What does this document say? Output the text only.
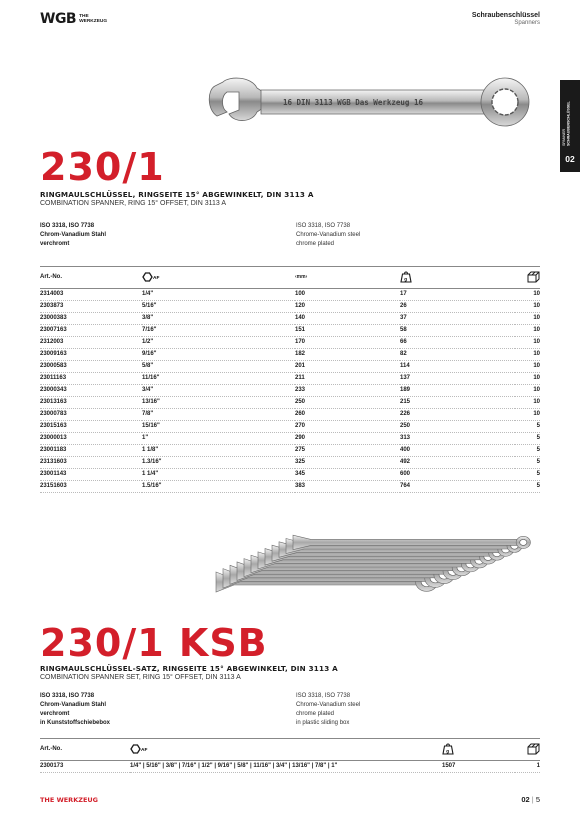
WGB THE
WERKZEUG
Schraubenschlüssel
Spanners
SPANNER
SCHRAUBENSCHLÜSSEL
02
16 DIN 3113 WGB Das Werkzeug 16
230/1
RINGMAULSCHLÜSSEL, RINGSEITE 15° ABGEWINKELT, DIN 3113 A
COMBINATION SPANNER, RING 15° OFFSET, DIN 3113 A
ISO 3318, ISO 7738
Chrom-Vanadium Stahl
verchromt
ISO 3318, ISO 7738
Chrome-Vanadium steel
chrome plated
Art.-No.	AF	‹mm›	g

2314003	1/4"	100	17	10
2303873	5/16"	120	26	10
23000383	3/8"	140	37	10
23007163	7/16"	151	58	10
2312003	1/2"	170	66	10
23009163	9/16"	182	82	10
23000583	5/8"	201	114	10
23011163	11/16"	211	137	10
23000343	3/4"	233	189	10
23013163	13/16"	250	215	10
23000783	7/8"	260	226	10
23015163	15/16"	270	250	5
23000013	1"	290	313	5
23001183	1 1/8"	275	400	5
23131603	1.3/16"	325	492	5
23001143	1 1/4"	345	600	5
23151603	1.5/16"	383	764	5
230/1 KSB
RINGMAULSCHLÜSSEL-SATZ, RINGSEITE 15° ABGEWINKELT, DIN 3113 A
COMBINATION SPANNER SET, RING 15° OFFSET, DIN 3113 A
ISO 3318, ISO 7738
Chrom-Vanadium Stahl
verchromt
in Kunststoffschiebebox
ISO 3318, ISO 7738
Chrome-Vanadium steel
chrome plated
in plastic sliding box
Art.-No.	AF	g

2300173	1/4" | 5/16" | 3/8" | 7/16" | 1/2" | 9/16" | 5/8" | 11/16" | 3/4" | 13/16" | 7/8" | 1"	1507	1
THE WERKZEUG	02 | 5
